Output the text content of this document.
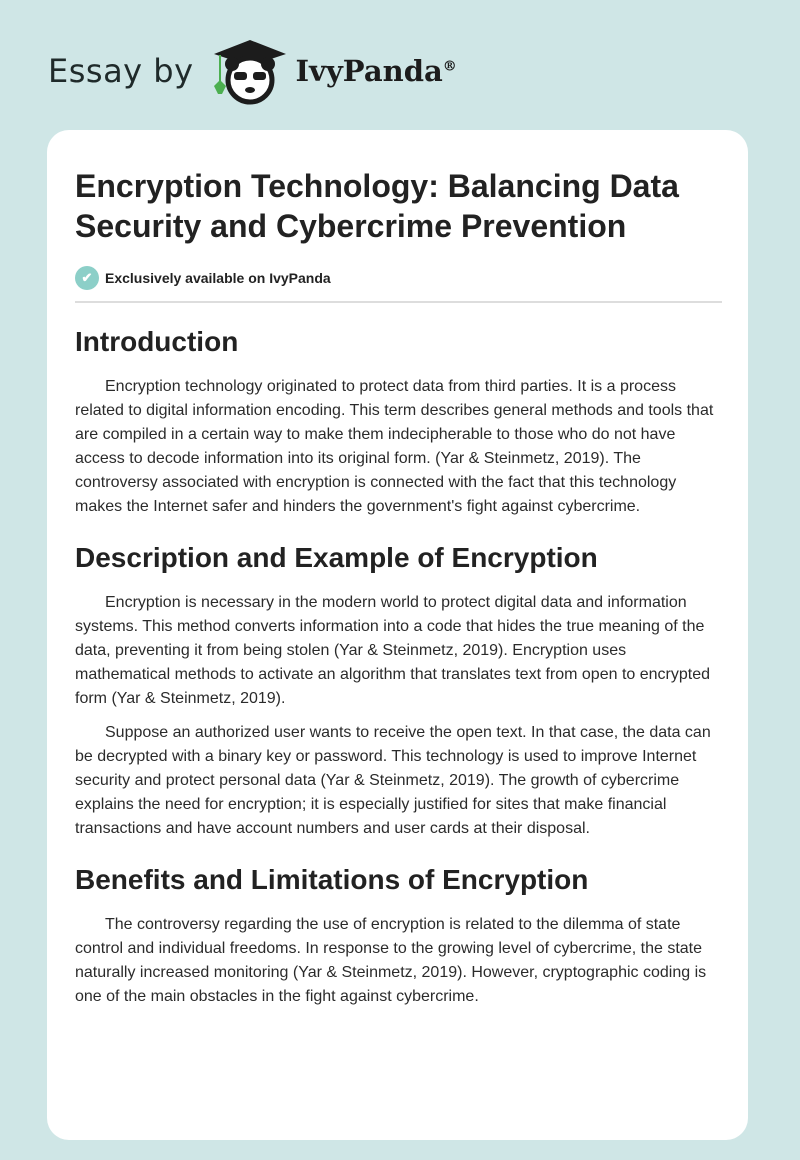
Essay by	IvyPanda®
Encryption Technology: Balancing Data Security and Cybercrime Prevention
✔ Exclusively available on IvyPanda
Introduction

Encryption technology originated to protect data from third parties. It is a process related to digital information encoding. This term describes general methods and tools that are compiled in a certain way to make them indecipherable to those who do not have access to decode information into its original form. (Yar & Steinmetz, 2019). The controversy associated with encryption is connected with the fact that this technology makes the Internet safer and hinders the government's fight against cybercrime.

Description and Example of Encryption

Encryption is necessary in the modern world to protect digital data and information systems. This method converts information into a code that hides the true meaning of the data, preventing it from being stolen (Yar & Steinmetz, 2019). Encryption uses mathematical methods to activate an algorithm that translates text from open to encrypted form (Yar & Steinmetz, 2019).

Suppose an authorized user wants to receive the open text. In that case, the data can be decrypted with a binary key or password. This technology is used to improve Internet security and protect personal data (Yar & Steinmetz, 2019). The growth of cybercrime explains the need for encryption; it is especially justified for sites that make financial transactions and have account numbers and user cards at their disposal.

Benefits and Limitations of Encryption

The controversy regarding the use of encryption is related to the dilemma of state control and individual freedoms. In response to the growing level of cybercrime, the state naturally increased monitoring (Yar & Steinmetz, 2019). However, cryptographic coding is one of the main obstacles in the fight against cybercrime.
